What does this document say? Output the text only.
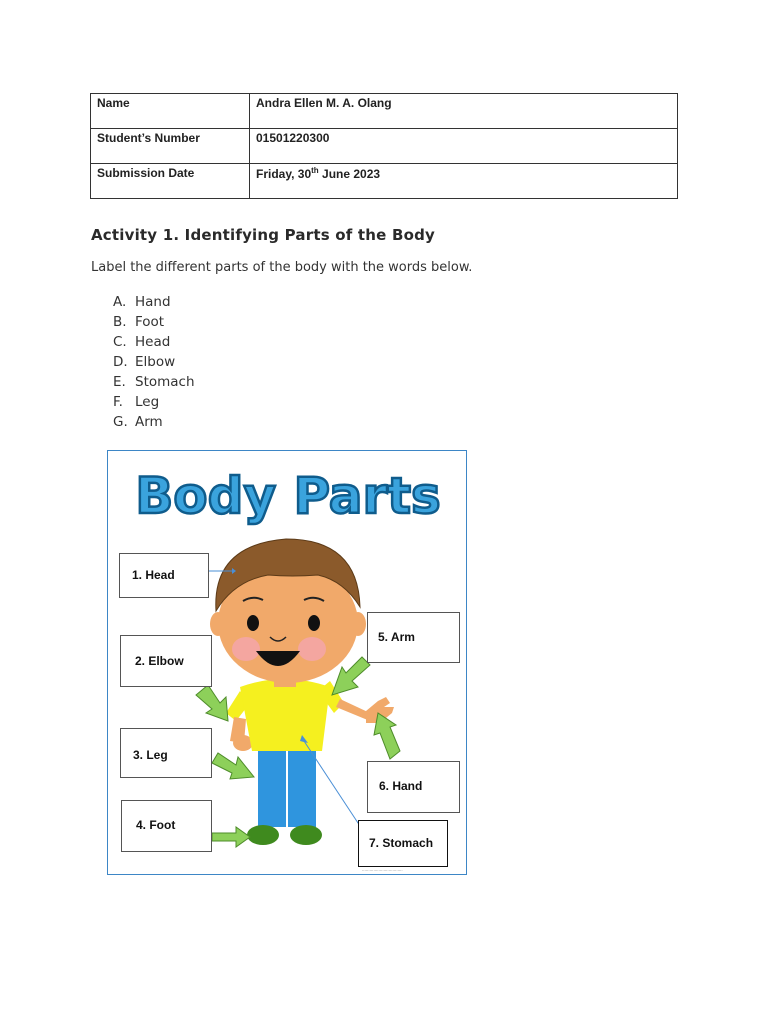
Name	Andra Ellen M. A. Olang
Student’s Number	01501220300
Submission Date	Friday, 30th June 2023
Activity 1. Identifying Parts of the Body

Label the different parts of the body with the words below.

A. Hand
B. Foot
C. Head
D. Elbow
E. Stomach
F. Leg
G. Arm
Body Parts
................................
1. Head
2. Elbow
3. Leg
4. Foot
5. Arm
6. Hand
7. Stomach
